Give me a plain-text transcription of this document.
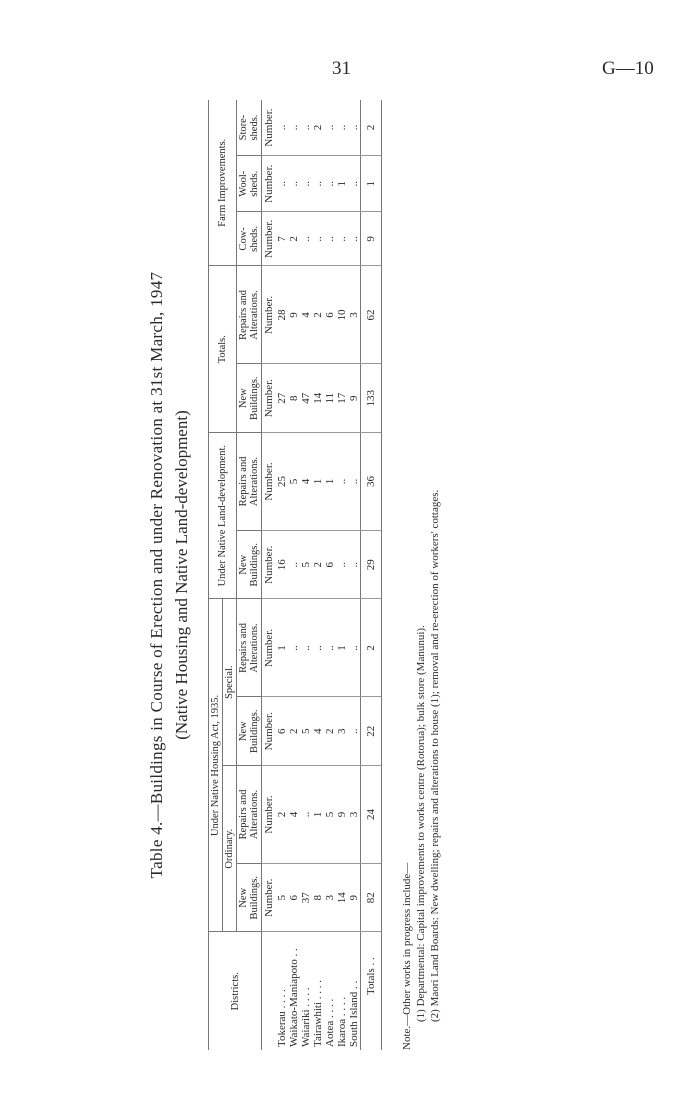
31	G—10
Table 4.—Buildings in Course of Erection and under Renovation at 31st March, 1947 (Native Housing and Native Land-development)
Districts.	Under Native Housing Act, 1935.				Under Native Land-development.		Totals.		Farm Improvements.		
	Ordinary.		Special.								
	New Buildings.	Repairs and Alterations.	New Buildings.	Repairs and Alterations.	New Buildings.	Repairs and Alterations.	New Buildings.	Repairs and Alterations.	Cow-sheds.	Wool-sheds.	Store-sheds.
	Number.	Number.	Number.	Number.	Number.	Number.	Number.	Number.	Number.	Number.	Number.
Tokerau . . . .	5	2	6	1	16	25	27	28	7	..	..
Waikato-Maniapoto . .	6	4	2	..	..	5	8	9	2	..	..
Waiariki . . . .	37	..	5	..	5	4	47	4	..	..	..
Tairawhiti . . . .	8	1	4	..	2	1	14	2	..	..	2
Aotea . . . .	3	5	2	..	6	1	11	6	..	..	..
Ikaroa . . . .	14	9	3	1	..	..	17	10	..	1	..
South Island . .	9	3	..	..	..	..	9	3	..	..	..
Totals . .	82	24	22	2	29	36	133	62	9	1	2
Note.—Other works in progress include— (1) Departmental: Capital improvements to works centre (Rotorua); bulk store (Manunui). (2) Maori Land Boards: New dwelling; repairs and alterations to house (1); removal and re-erection of workers' cottages.
